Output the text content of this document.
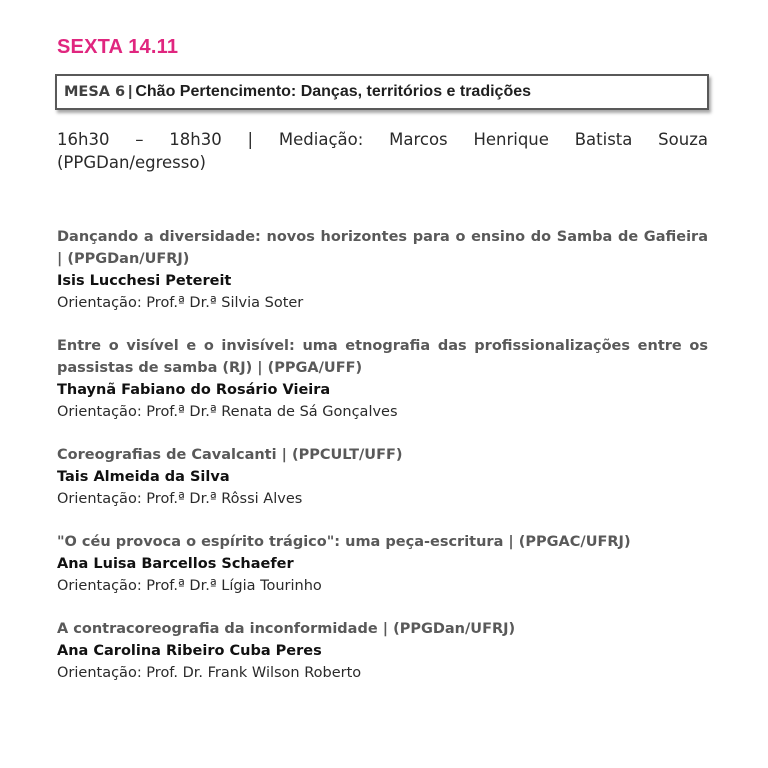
SEXTA 14.11
MESA 6 | Chão Pertencimento: Danças, territórios e tradições
16h30 – 18h30 | Mediação: Marcos Henrique Batista Souza
(PPGDan/egresso)
Dançando a diversidade: novos horizontes para o ensino do Samba de Gafieira | (PPGDan/UFRJ)
Isis Lucchesi Petereit
Orientação: Prof.ª Dr.ª Silvia Soter
Entre o visível e o invisível: uma etnografia das profissionalizações entre os passistas de samba (RJ) | (PPGA/UFF)
Thaynã Fabiano do Rosário Vieira
Orientação: Prof.ª Dr.ª Renata de Sá Gonçalves
Coreografias de Cavalcanti | (PPCULT/UFF)
Tais Almeida da Silva
Orientação: Prof.ª Dr.ª Rôssi Alves
"O céu provoca o espírito trágico": uma peça-escritura | (PPGAC/UFRJ)
Ana Luisa Barcellos Schaefer
Orientação: Prof.ª Dr.ª Lígia Tourinho
A contracoreografia da inconformidade | (PPGDan/UFRJ)
Ana Carolina Ribeiro Cuba Peres
Orientação: Prof. Dr. Frank Wilson Roberto
